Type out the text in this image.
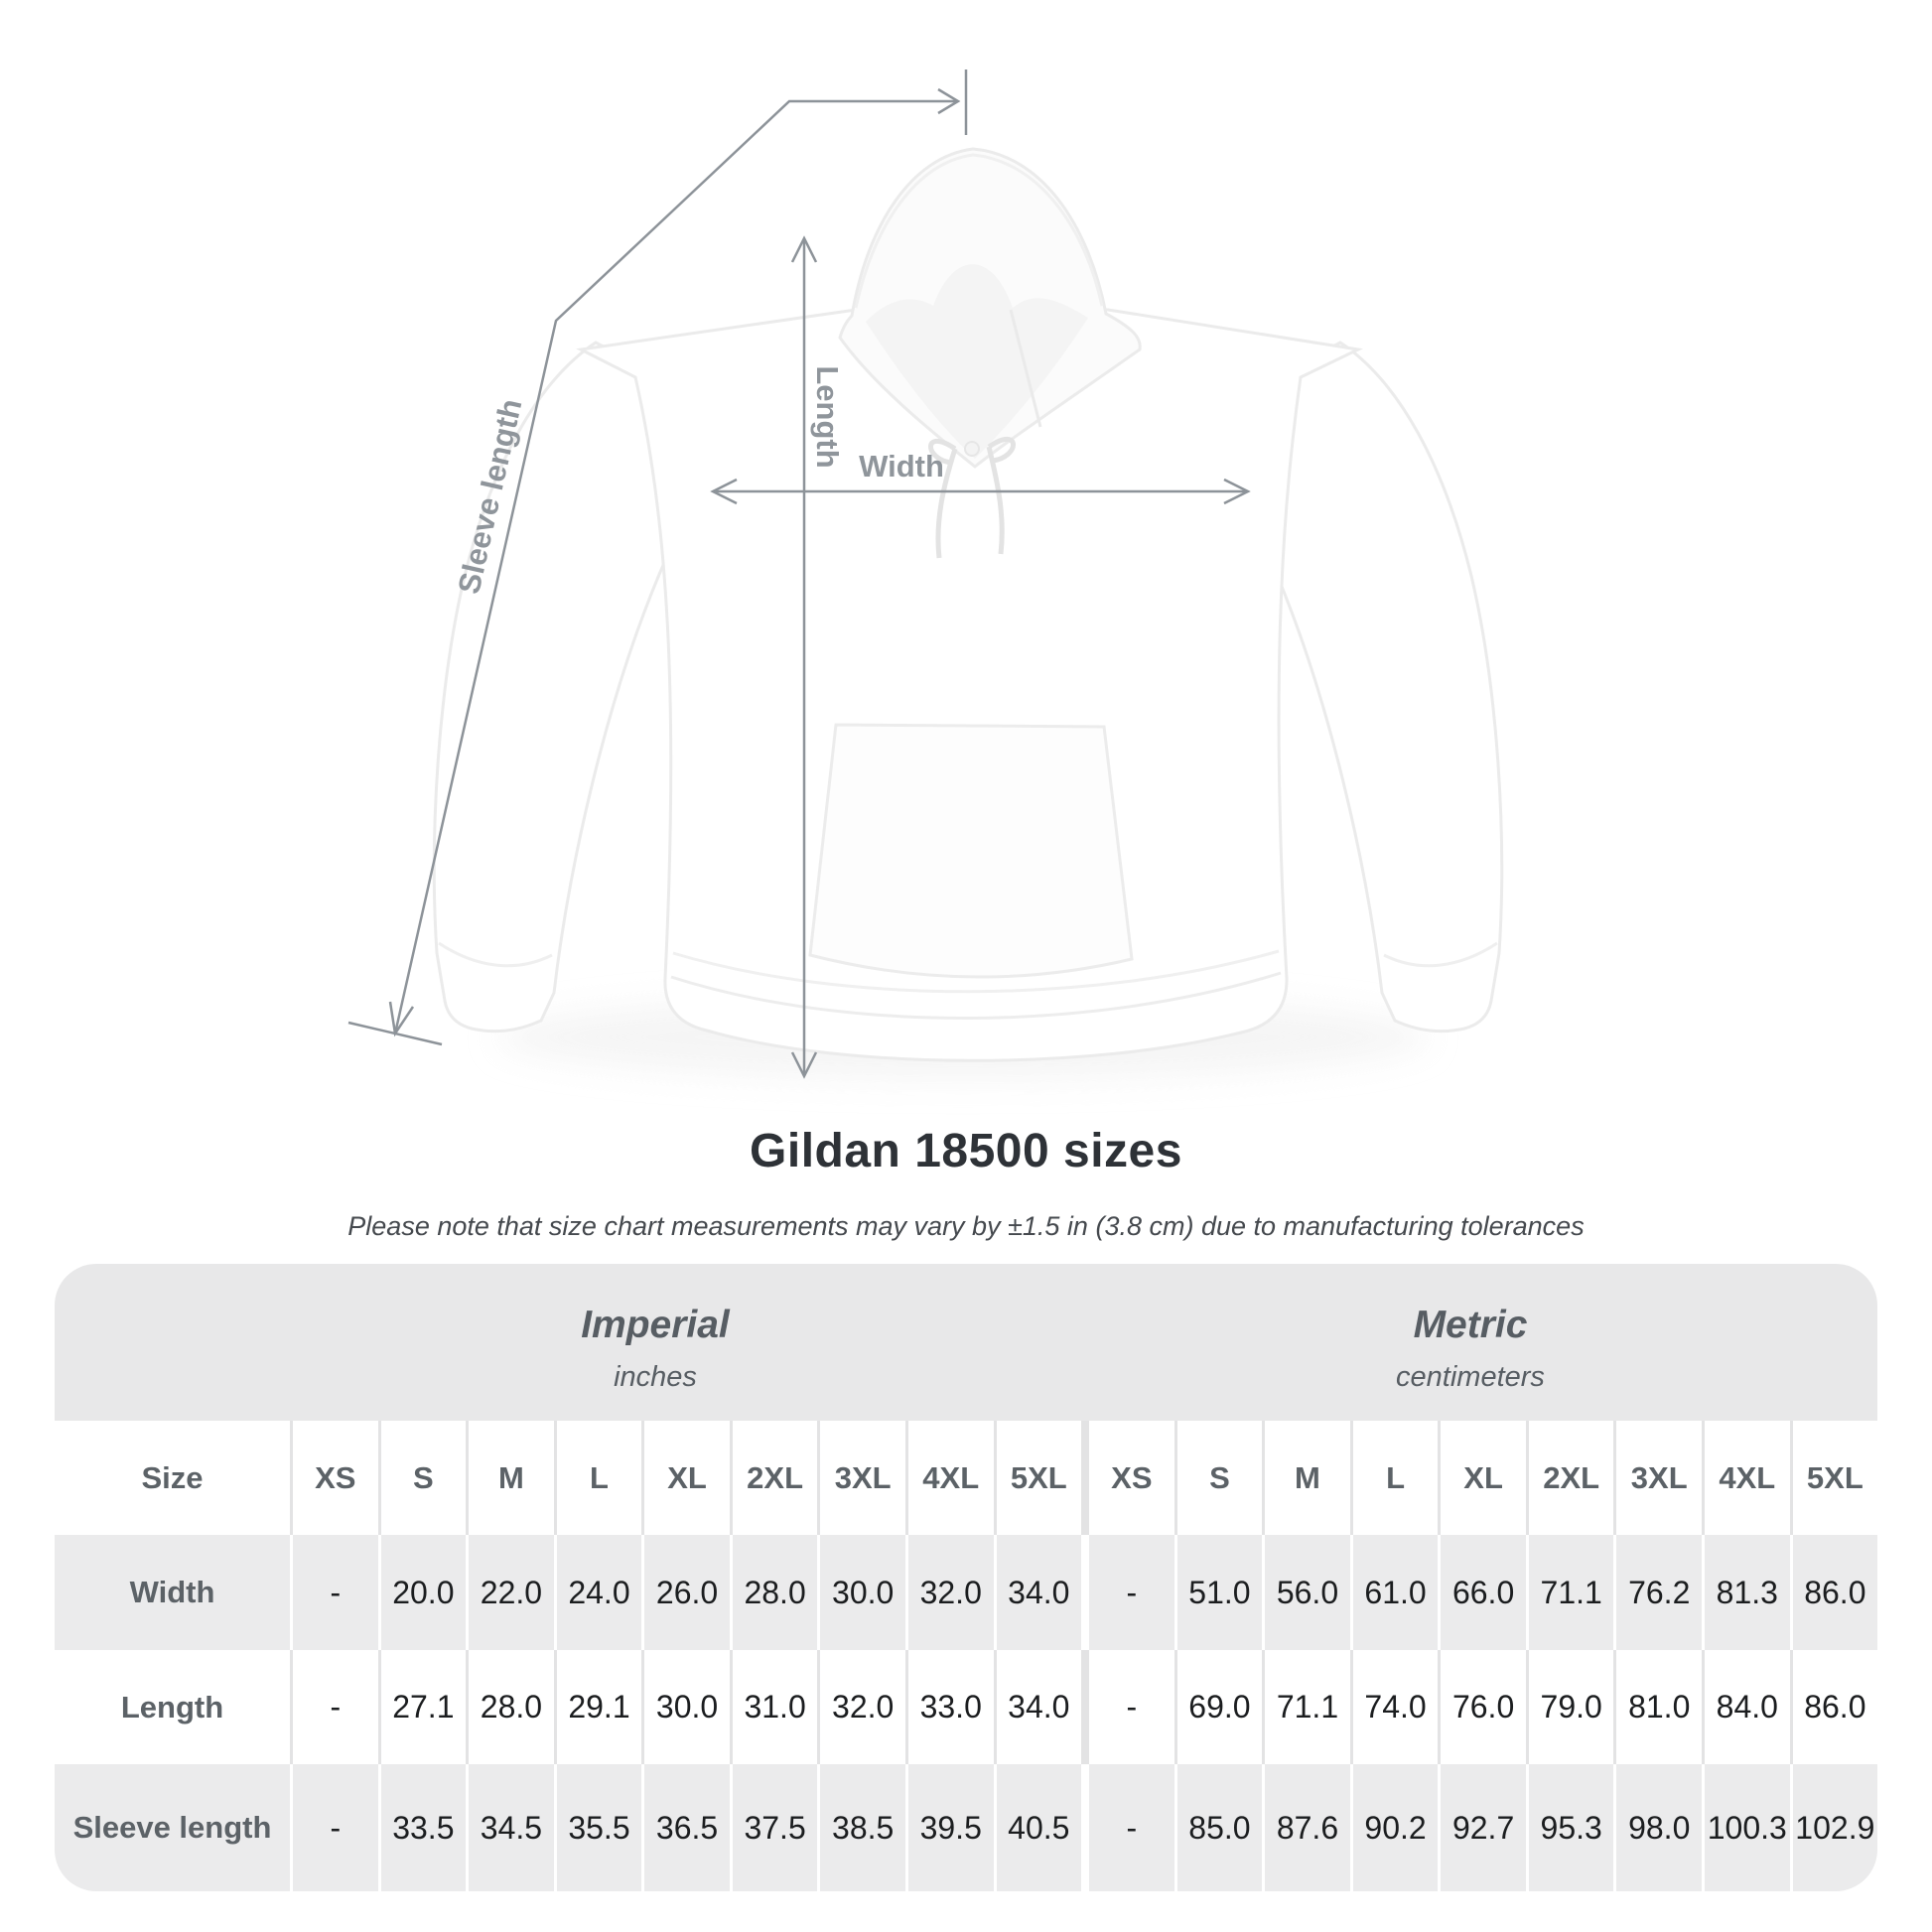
Sleeve length	Length Width
Gildan 18500 sizes
Please note that size chart measurements may vary by ±1.5 in (3.8 cm) due to manufacturing tolerances
Imperial
inches
Metric
centimeters
Size	XS	S	M	L	XL	2XL	3XL	4XL	5XL	XS	S	M	L	XL	2XL	3XL	4XL	5XL
Width	-	20.0 22.0 24.0 26.0 28.0 30.0 32.0 34.0	-	51.0 56.0 61.0 66.0 71.1 76.2 81.3 86.0
Length	-	27.1 28.0 29.1 30.0 31.0 32.0 33.0 34.0	-	69.0 71.1 74.0 76.0 79.0 81.0 84.0 86.0
Sleeve length	-	33.5 34.5 35.5 36.5 37.5 38.5 39.5 40.5	-	85.0 87.6 90.2 92.7 95.3 98.0 100.3 102.9
